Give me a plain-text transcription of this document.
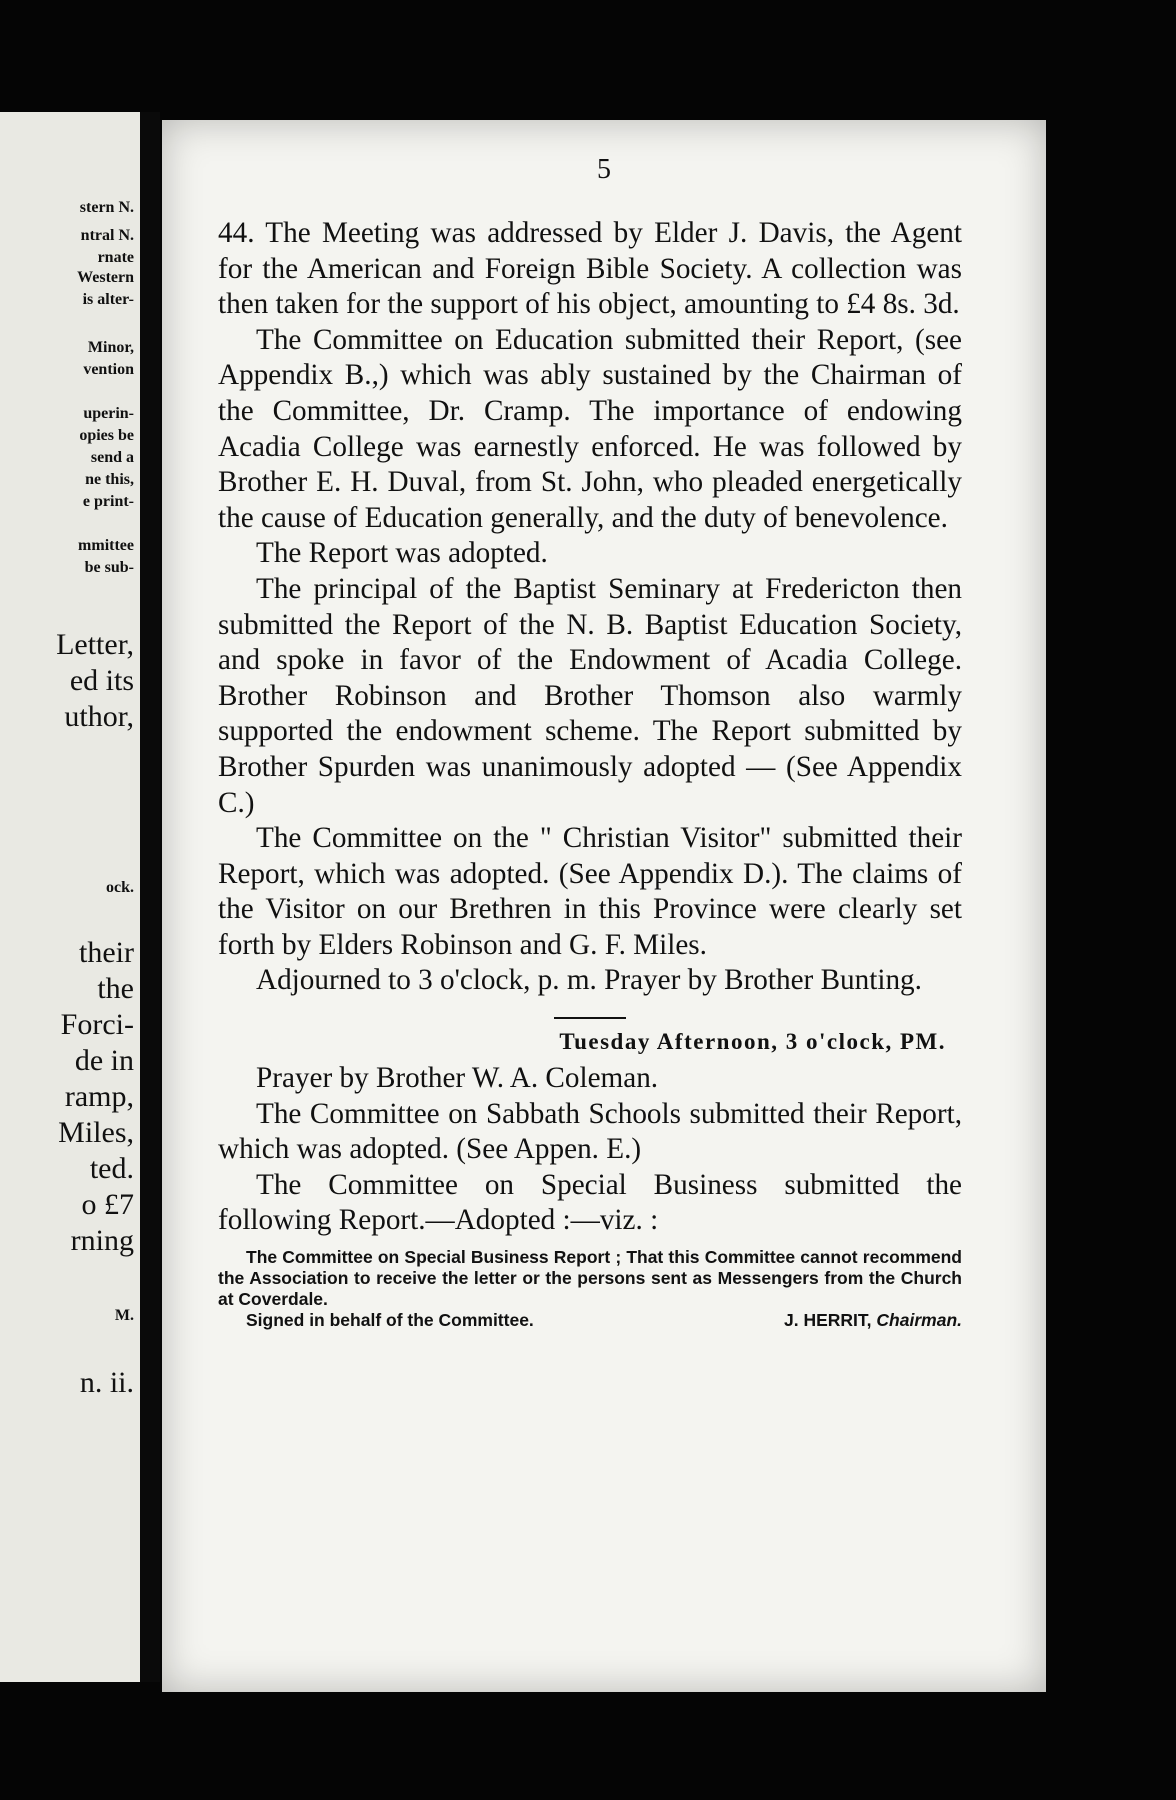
stern N.
ntral N.
rnate
Western
is alter-
Minor,
vention
uperin-
opies be
send a
ne this,
e print-
mmittee
be sub-
Letter,
ed its
uthor,
ock.
their
the
Forci-
de in
ramp,
Miles,
ted.
o £7
rning
M.
n. ii.
5

44. The Meeting was addressed by Elder J. Davis, the Agent for the American and Foreign Bible Society. A collection was then taken for the support of his object, amounting to £4 8s. 3d.

The Committee on Education submitted their Report, (see Appendix B.,) which was ably sustained by the Chairman of the Committee, Dr. Cramp. The importance of endowing Acadia College was earnestly enforced. He was followed by Brother E. H. Duval, from St. John, who pleaded energetically the cause of Education generally, and the duty of benevolence.

The Report was adopted.

The principal of the Baptist Seminary at Fredericton then submitted the Report of the N. B. Baptist Education Society, and spoke in favor of the Endowment of Acadia College. Brother Robinson and Brother Thomson also warmly supported the endowment scheme. The Report submitted by Brother Spurden was unanimously adopted — (See Appendix C.)

The Committee on the " Christian Visitor" submitted their Report, which was adopted. (See Appendix D.). The claims of the Visitor on our Brethren in this Province were clearly set forth by Elders Robinson and G. F. Miles.

Adjourned to 3 o'clock, p. m. Prayer by Brother Bunting.

Tuesday Afternoon, 3 o'clock, PM.

Prayer by Brother W. A. Coleman.

The Committee on Sabbath Schools submitted their Report, which was adopted. (See Appen. E.)

The Committee on Special Business submitted the following Report.—Adopted :—viz. :

The Committee on Special Business Report ; That this Committee cannot recommend the Association to receive the letter or the persons sent as Messengers from the Church at Coverdale.

Signed in behalf of the Committee.	J. HERRIT, Chairman.
